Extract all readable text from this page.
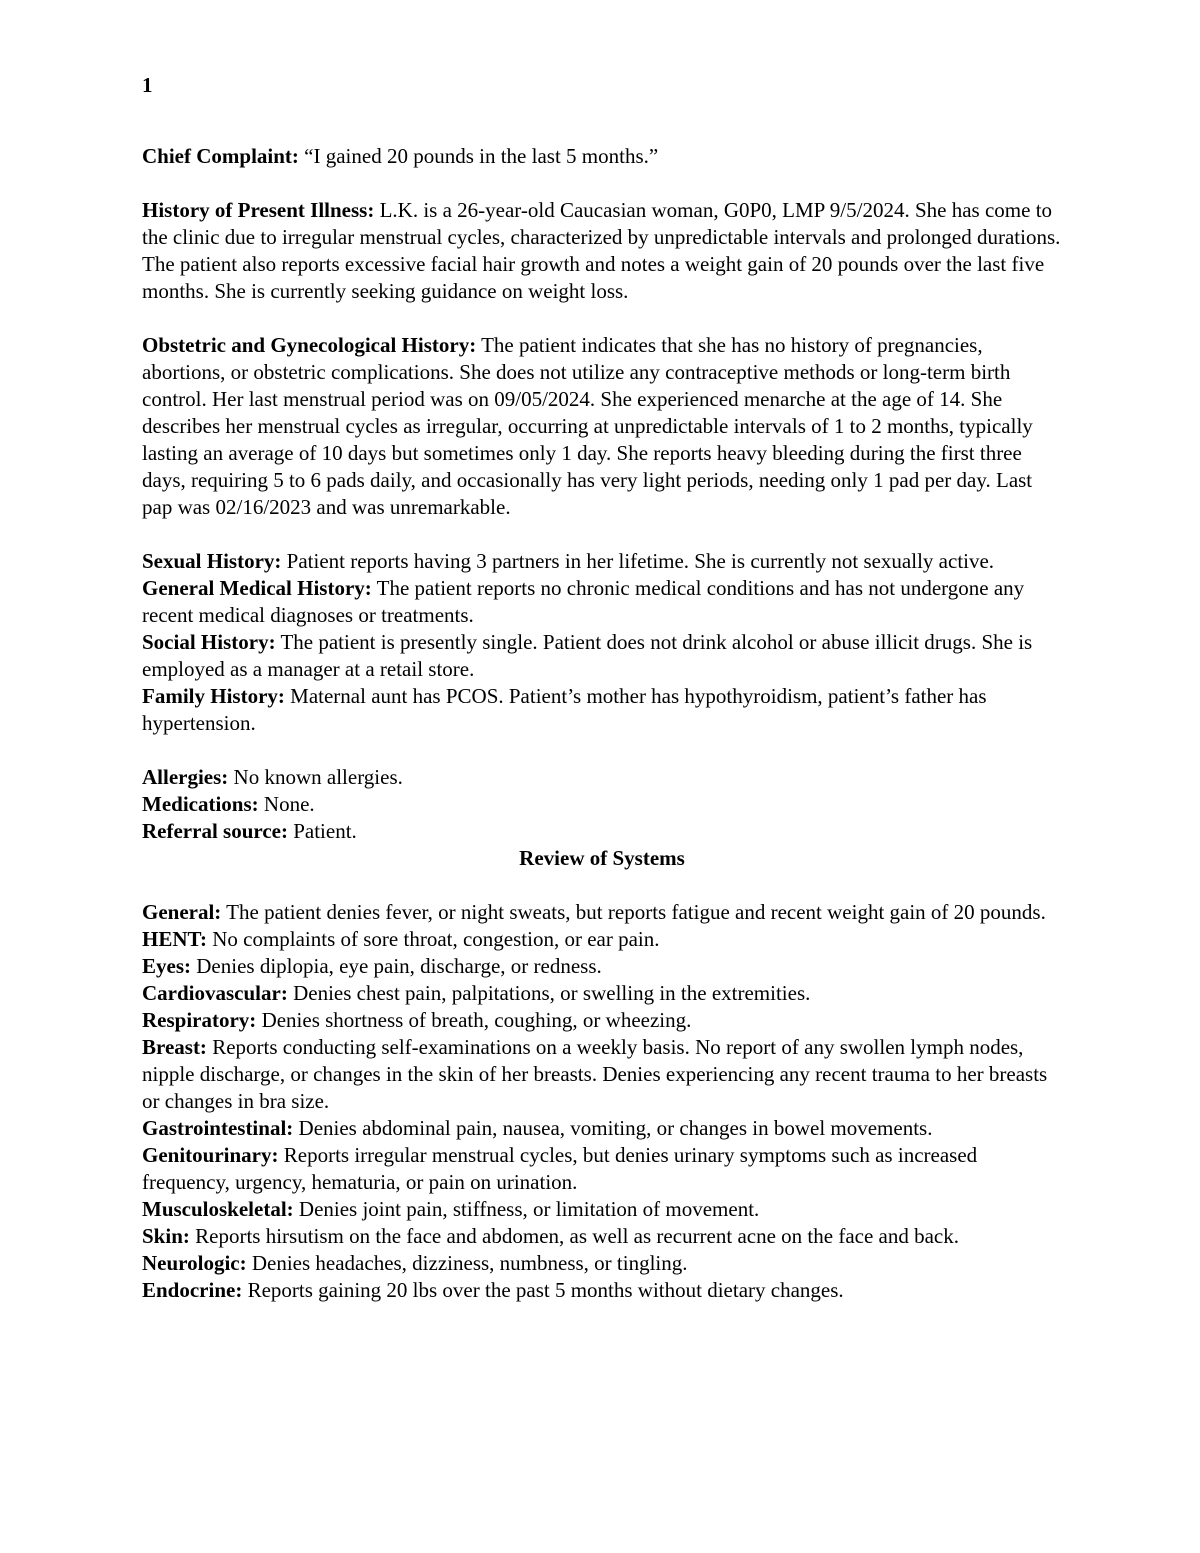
1

Chief Complaint: “I gained 20 pounds in the last 5 months.”

History of Present Illness: L.K. is a 26-year-old Caucasian woman, G0P0, LMP 9/5/2024. She has come to the clinic due to irregular menstrual cycles, characterized by unpredictable intervals and prolonged durations. The patient also reports excessive facial hair growth and notes a weight gain of 20 pounds over the last five months. She is currently seeking guidance on weight loss.

Obstetric and Gynecological History: The patient indicates that she has no history of pregnancies, abortions, or obstetric complications. She does not utilize any contraceptive methods or long-term birth control. Her last menstrual period was on 09/05/2024. She experienced menarche at the age of 14. She describes her menstrual cycles as irregular, occurring at unpredictable intervals of 1 to 2 months, typically lasting an average of 10 days but sometimes only 1 day. She reports heavy bleeding during the first three days, requiring 5 to 6 pads daily, and occasionally has very light periods, needing only 1 pad per day. Last pap was 02/16/2023 and was unremarkable.

Sexual History: Patient reports having 3 partners in her lifetime. She is currently not sexually active.

General Medical History: The patient reports no chronic medical conditions and has not undergone any recent medical diagnoses or treatments.

Social History: The patient is presently single. Patient does not drink alcohol or abuse illicit drugs. She is employed as a manager at a retail store.

Family History: Maternal aunt has PCOS. Patient’s mother has hypothyroidism, patient’s father has hypertension.

Allergies: No known allergies.

Medications: None.

Referral source: Patient.

Review of Systems

General: The patient denies fever, or night sweats, but reports fatigue and recent weight gain of 20 pounds.

HENT: No complaints of sore throat, congestion, or ear pain.

Eyes: Denies diplopia, eye pain, discharge, or redness.

Cardiovascular: Denies chest pain, palpitations, or swelling in the extremities.

Respiratory: Denies shortness of breath, coughing, or wheezing.

Breast: Reports conducting self-examinations on a weekly basis. No report of any swollen lymph nodes, nipple discharge, or changes in the skin of her breasts. Denies experiencing any recent trauma to her breasts or changes in bra size.

Gastrointestinal: Denies abdominal pain, nausea, vomiting, or changes in bowel movements.

Genitourinary: Reports irregular menstrual cycles, but denies urinary symptoms such as increased frequency, urgency, hematuria, or pain on urination.

Musculoskeletal: Denies joint pain, stiffness, or limitation of movement.

Skin: Reports hirsutism on the face and abdomen, as well as recurrent acne on the face and back.

Neurologic: Denies headaches, dizziness, numbness, or tingling.

Endocrine: Reports gaining 20 lbs over the past 5 months without dietary changes.
